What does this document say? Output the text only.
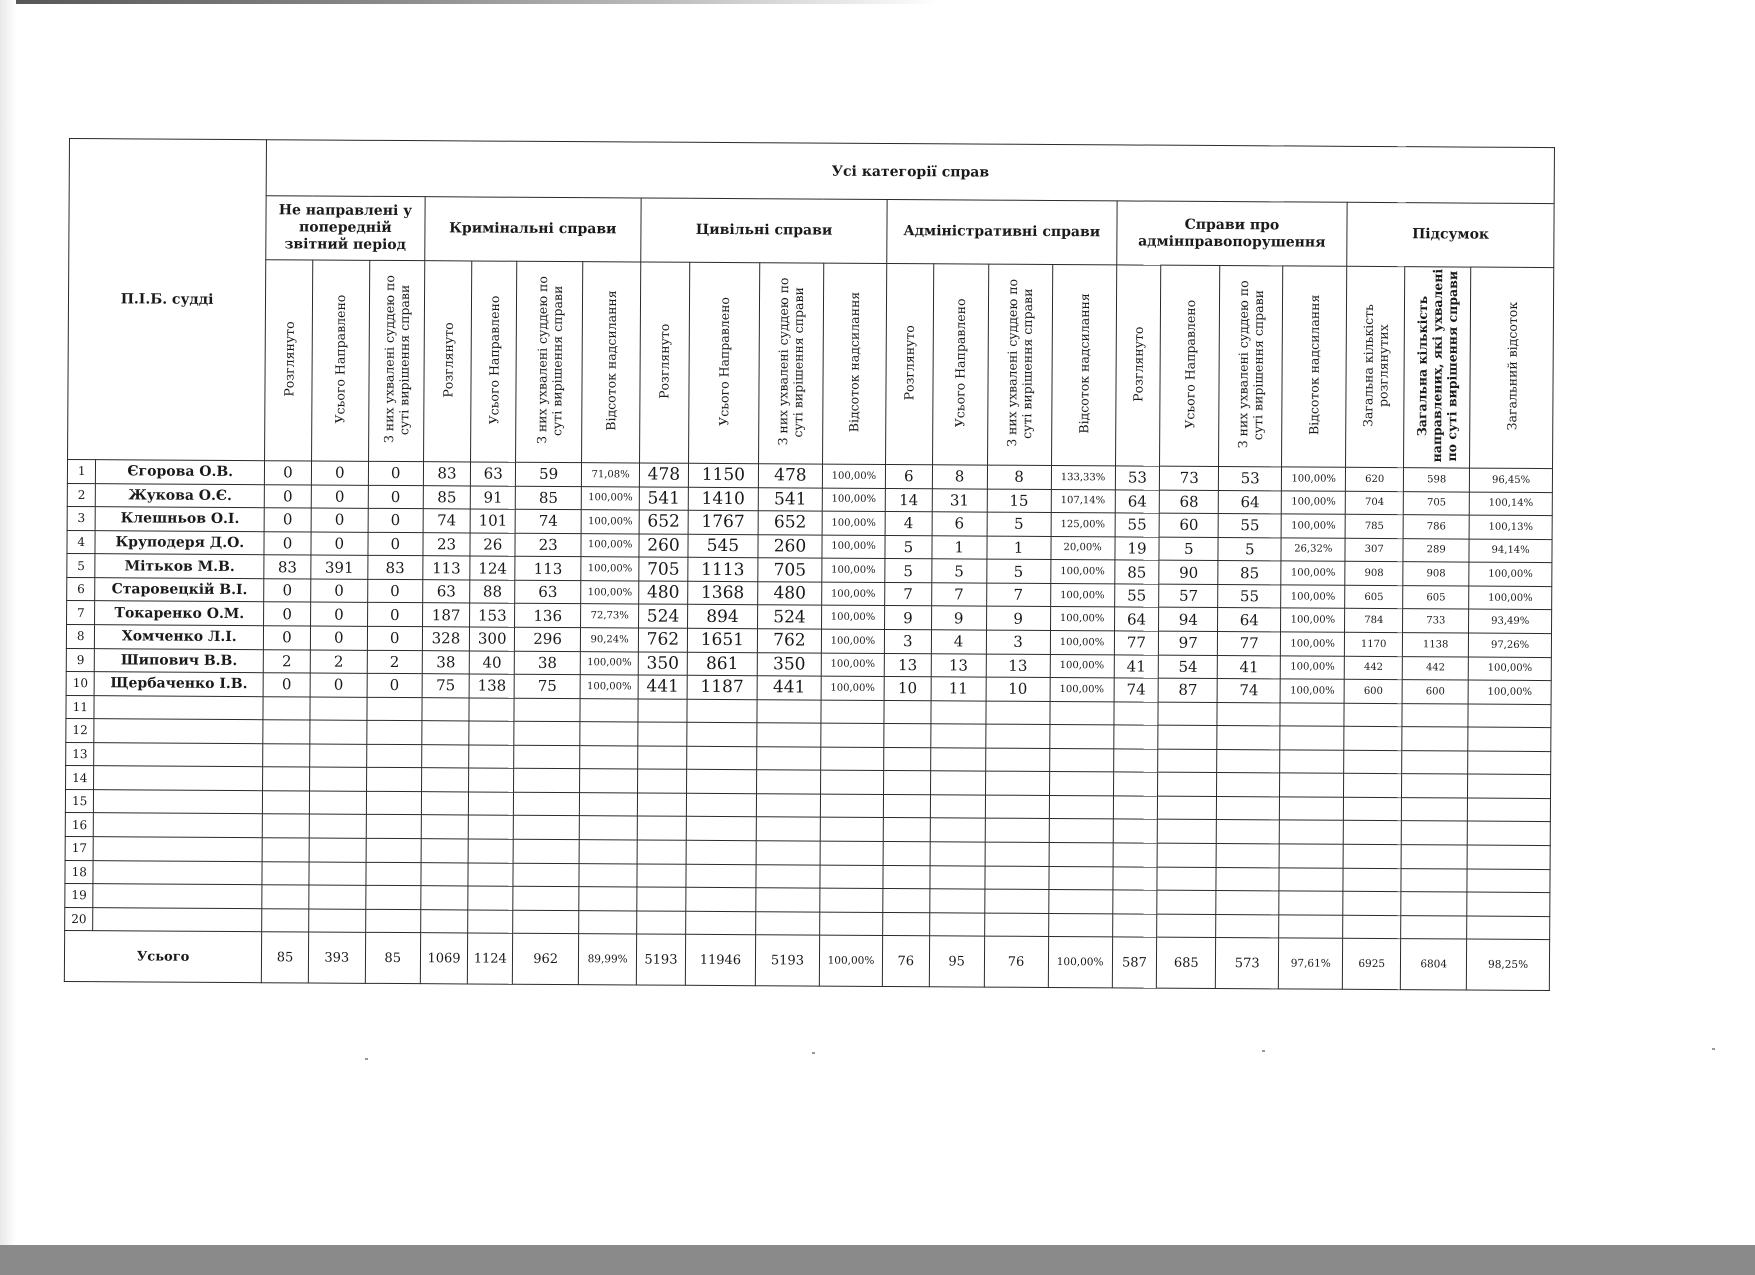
П.І.Б. судді		Усі категорії справ																					
		Не направлені у попередній звітний період			Кримінальні справи				Цивільні справи				Адміністративні справи				Справи про адмінправопорушення				Підсумок		
		Розглянуто	Усього Направлено	З них ухвалені суддею по суті вирішення справи	Розглянуто	Усього Направлено	З них ухвалені суддею по суті вирішення справи	Відсоток надсилання	Розглянуто	Усього Направлено	З них ухвалені суддею по суті вирішення справи	Відсоток надсилання	Розглянуто	Усього Направлено	З них ухвалені суддею по суті вирішення справи	Відсоток надсилання	Розглянуто	Усього Направлено	З них ухвалені суддею по суті вирішення справи	Відсоток надсилання	Загальна кількість розглянутих	Загальна кількість направлених, які ухвалені по суті вирішення справи	Загальний відсоток
1	Єгорова О.В.	0	0	0	83	63	59	71,08%	478	1150	478	100,00%	6	8	8	133,33%	53	73	53	100,00%	620	598	96,45%
2	Жукова О.Є.	0	0	0	85	91	85	100,00%	541	1410	541	100,00%	14	31	15	107,14%	64	68	64	100,00%	704	705	100,14%
3	Клешньов О.І.	0	0	0	74	101	74	100,00%	652	1767	652	100,00%	4	6	5	125,00%	55	60	55	100,00%	785	786	100,13%
4	Круподеря Д.О.	0	0	0	23	26	23	100,00%	260	545	260	100,00%	5	1	1	20,00%	19	5	5	26,32%	307	289	94,14%
5	Мітьков М.В.	83	391	83	113	124	113	100,00%	705	1113	705	100,00%	5	5	5	100,00%	85	90	85	100,00%	908	908	100,00%
6	Старовецкій В.І.	0	0	0	63	88	63	100,00%	480	1368	480	100,00%	7	7	7	100,00%	55	57	55	100,00%	605	605	100,00%
7	Токаренко О.М.	0	0	0	187	153	136	72,73%	524	894	524	100,00%	9	9	9	100,00%	64	94	64	100,00%	784	733	93,49%
8	Хомченко Л.І.	0	0	0	328	300	296	90,24%	762	1651	762	100,00%	3	4	3	100,00%	77	97	77	100,00%	1170	1138	97,26%
9	Шипович В.В.	2	2	2	38	40	38	100,00%	350	861	350	100,00%	13	13	13	100,00%	41	54	41	100,00%	442	442	100,00%
10	Щербаченко І.В.	0	0	0	75	138	75	100,00%	441	1187	441	100,00%	10	11	10	100,00%	74	87	74	100,00%	600	600	100,00%
11																							
12																							
13																							
14																							
15																							
16																							
17																							
18																							
19																							
20																							
Усього		85	393	85	1069	1124	962	89,99%	5193	11946	5193	100,00%	76	95	76	100,00%	587	685	573	97,61%	6925	6804	98,25%
